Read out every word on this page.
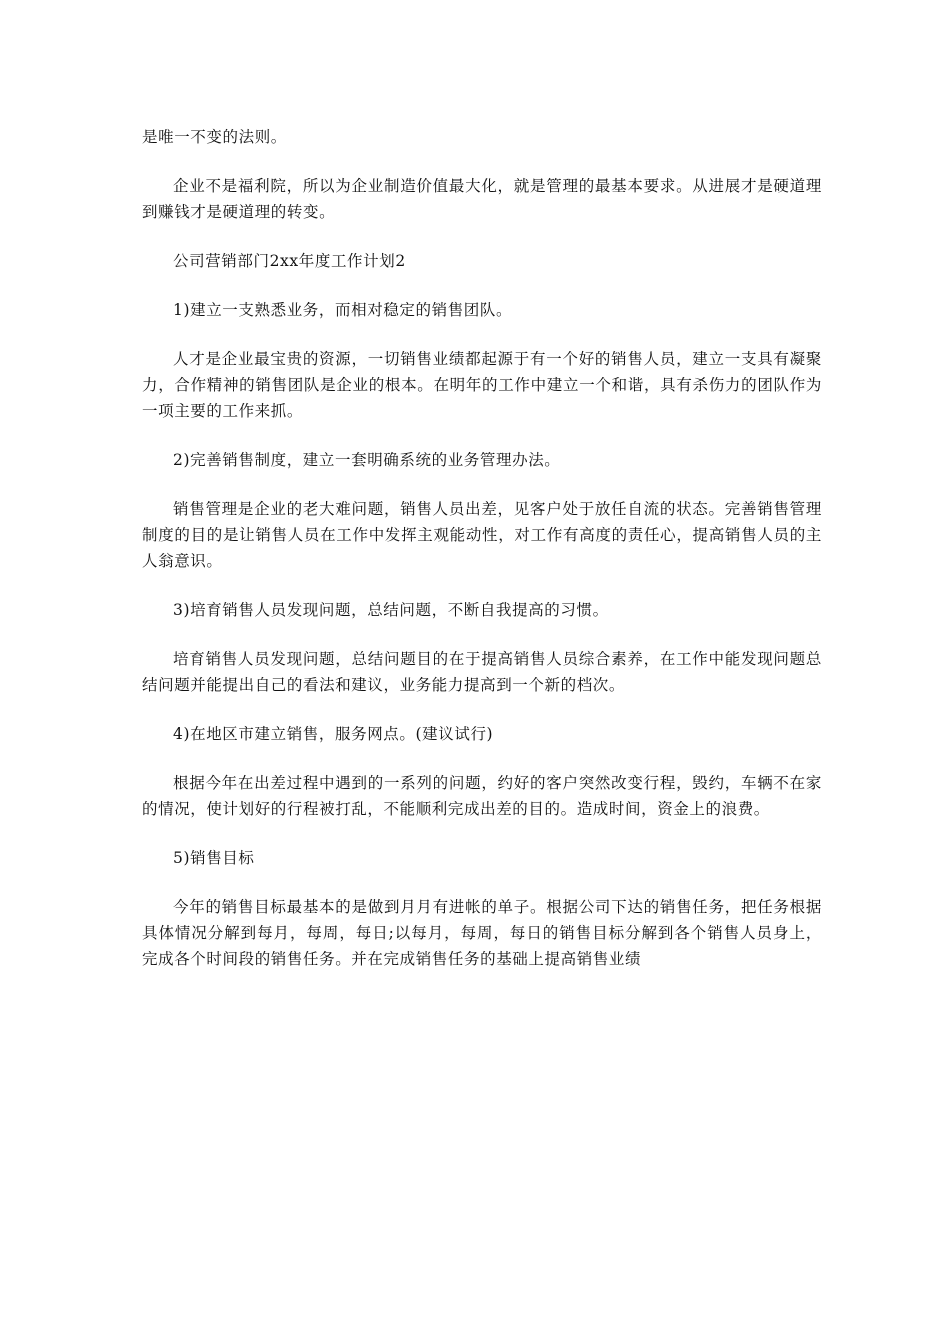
是唯一不变的法则。

企业不是福利院，所以为企业制造价值最大化，就是管理的最基本要求。从进展才是硬道理到赚钱才是硬道理的转变。

公司营销部门2xx年度工作计划2

1)建立一支熟悉业务，而相对稳定的销售团队。

人才是企业最宝贵的资源，一切销售业绩都起源于有一个好的销售人员，建立一支具有凝聚力，合作精神的销售团队是企业的根本。在明年的工作中建立一个和谐，具有杀伤力的团队作为一项主要的工作来抓。

2)完善销售制度，建立一套明确系统的业务管理办法。

销售管理是企业的老大难问题，销售人员出差，见客户处于放任自流的状态。完善销售管理制度的目的是让销售人员在工作中发挥主观能动性，对工作有高度的责任心，提高销售人员的主人翁意识。

3)培育销售人员发现问题，总结问题，不断自我提高的习惯。

培育销售人员发现问题，总结问题目的在于提高销售人员综合素养，在工作中能发现问题总结问题并能提出自己的看法和建议，业务能力提高到一个新的档次。

4)在地区市建立销售，服务网点。(建议试行)

根据今年在出差过程中遇到的一系列的问题，约好的客户突然改变行程，毁约，车辆不在家的情况，使计划好的行程被打乱，不能顺利完成出差的目的。造成时间，资金上的浪费。

5)销售目标

今年的销售目标最基本的是做到月月有进帐的单子。根据公司下达的销售任务，把任务根据具体情况分解到每月，每周，每日;以每月，每周，每日的销售目标分解到各个销售人员身上，完成各个时间段的销售任务。并在完成销售任务的基础上提高销售业绩
